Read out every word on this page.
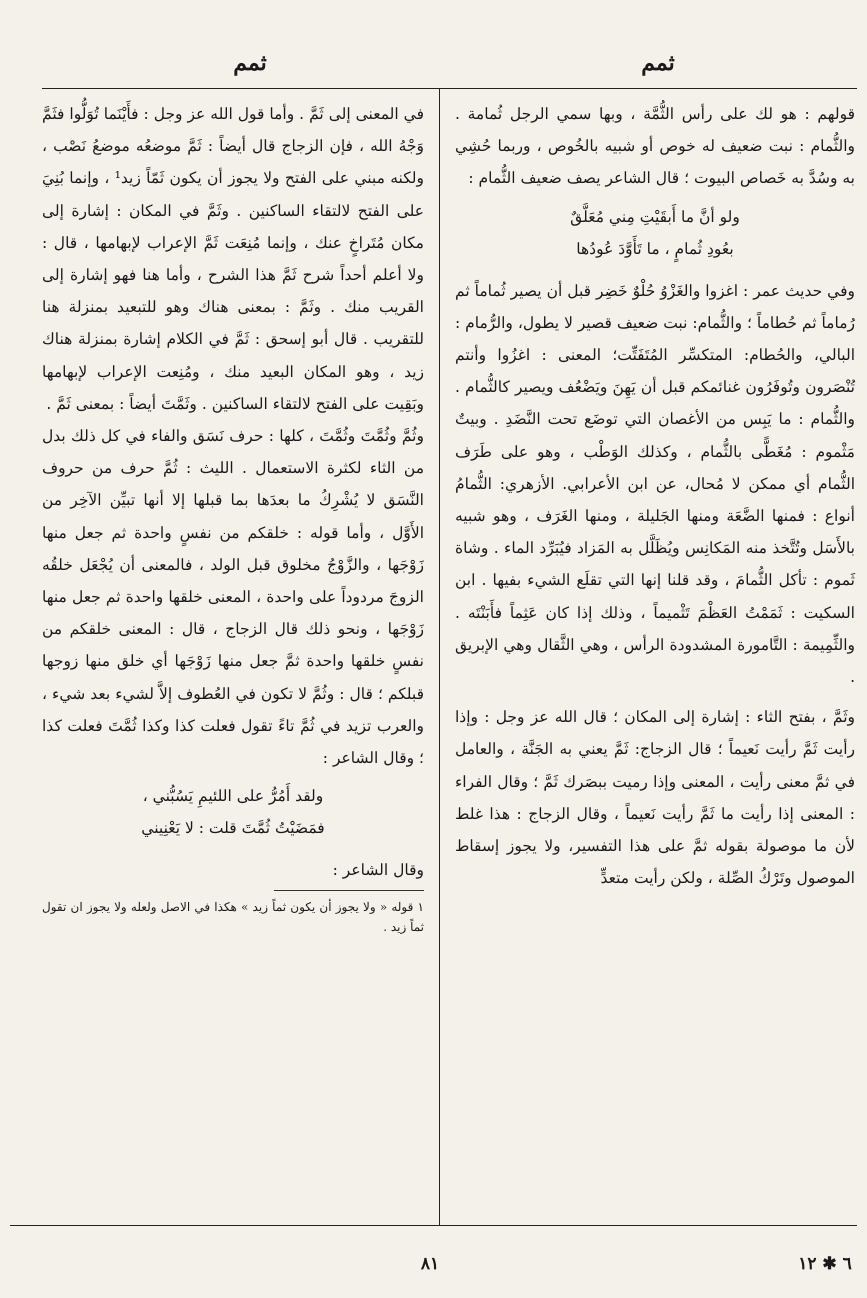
ثمم	ثمم

قولهم : هو لك على رأس الثُّمَّة ، وبها سمي الرجل ثُمامة . والثُّمام : نبت ضعيف له خوص أو شبيه بالخُوص ، وربما حُشِي به وسُدَّ به خَصاص البيوت ؛ قال الشاعر يصف ضعيف الثُّمام :

ولو أنَّ ما أَبقَيْتِ مِني مُعَلَّقٌ
بعُودِ ثُمامٍ ، ما تَأَوَّدَ عُودُها

وفي حديث عمر : اغزوا والغَزْوُ حُلْوٌ خَضِر قبل أن يصير ثُماماً ثم رُماماً ثم حُطاماً ؛ والثُّمام: نبت ضعيف قصير لا يطول، والرُّمام : البالي، والحُطام: المتكسِّر المُتَفَتِّت؛ المعنى : اغزُوا وأنتم تُنْصَرون وتُوفَرُون غنائمكم قبل أن يَهِنَ ويَضْعُف ويصير كالثُّمام . والثُّمام : ما يَبِس من الأغصان التي توضَع تحت النَّضَدِ . وبيتٌ مَثْموم : مُغَطًّى بالثُّمام ، وكذلك الوَطْب ، وهو على طَرَف الثُّمام أي ممكن لا مُحال، عن ابن الأعرابي. الأزهري: الثُّمامُ أنواع : فمنها الضَّعَة ومنها الجَليلة ، ومنها الغَرَف ، وهو شبيه بالأَسَل وتُتَّخذ منه المَكانِس ويُظَلَّل به المَزاد فيُبَرِّد الماء . وشاة ثَموم : تأكل الثُّمامَ ، وقد قلنا إنها التي تقلَع الشيء بفيها . ابن السكيت : ثَمَمْتُ العَظْمَ تَثْميماً ، وذلك إذا كان عَثِماً فأَبَنْتَه . والثِّمِيمة : التَّامورة المشدودة الرأس ، وهي الثَّقال وهي الإبريق .

وثَمَّ ، بفتح الثاء : إشارة إلى المكان ؛ قال الله عز وجل : وإذا رأيت ثَمَّ رأيت نَعيماً ؛ قال الزجاج: ثَمَّ يعني به الجَنَّة ، والعامل في ثمَّ معنى رأيت ، المعنى وإذا رميت ببصَرك ثَمَّ ؛ وقال الفراء : المعنى إذا رأيت ما ثَمَّ رأيت نَعيماً ، وقال الزجاج : هذا غلط لأن ما موصولة بقوله ثمَّ على هذا التفسير، ولا يجوز إسقاط الموصول وتَرْكُ الصِّلة ، ولكن رأيت متعدٍّ

في المعنى إلى ثَمَّ . وأما قول الله عز وجل : فأَيْنَما تُوَلُّوا فثَمَّ وَجْهُ الله ، فإن الزجاج قال أيضاً : ثَمَّ موضعُه موضعُ نَصْب ، ولكنه مبني على الفتح ولا يجوز أن يكون ثَمّاً زيد¹ ، وإنما بُنِيَ على الفتح لالتقاء الساكنين . وثَمَّ في المكان : إشارة إلى مكان مُتَراخٍ عنك ، وإنما مُنِعَت ثَمَّ الإعراب لإبهامها ، قال : ولا أعلم أحداً شرح ثَمَّ هذا الشرح ، وأما هنا فهو إشارة إلى القريب منك . وثَمَّ : بمعنى هناك وهو للتبعيد بمنزلة هنا للتقريب . قال أبو إسحق : ثَمَّ في الكلام إشارة بمنزلة هناك زيد ، وهو المكان البعيد منك ، ومُنِعت الإعراب لإبهامها وبَقِيت على الفتح لالتقاء الساكنين . وثَمَّتَ أيضاً : بمعنى ثَمَّ .

وثُمَّ وثُمَّتَ وثُمَّتَ ، كلها : حرف نَسَق والفاء في كل ذلك بدل من الثاء لكثرة الاستعمال . الليث : ثُمَّ حرف من حروف النَّسَق لا يُشْرِكُ ما بعدَها بما قبلها إلا أنها تبيِّن الآخِر من الأَوَّل ، وأما قوله : خلقكم من نفسٍ واحدة ثم جعل منها زَوْجَها ، والزَّوْجُ مخلوق قبل الولد ، فالمعنى أن يُجْعَل خلقُه الزوجَ مردوداً على واحدة ، المعنى خلقها واحدة ثم جعل منها زَوْجَها ، ونحو ذلك قال الزجاج ، قال : المعنى خلقكم من نفسٍ خلقها واحدة ثمَّ جعل منها زَوْجَها أي خلق منها زوجها قبلكم ؛ قال : وثُمَّ لا تكون في العُطوف إلاَّ لشيء بعد شيء ، والعرب تزيد في ثُمَّ تاءً تقول فعلت كذا وكذا ثُمَّتَ فعلت كذا ؛ وقال الشاعر :

ولقد أَمُرُّ على اللئيمِ يَسُبُّني ،
فمَضَيْتُ ثُمَّتَ قلت : لا يَعْنِيني

وقال الشاعر :

١ قوله « ولا يجوز أن يكون ثماً زيد » هكذا في الاصل ولعله ولا يجوز ان تقول ثماً زيد .

٨١	٦ ✱ ١٢
